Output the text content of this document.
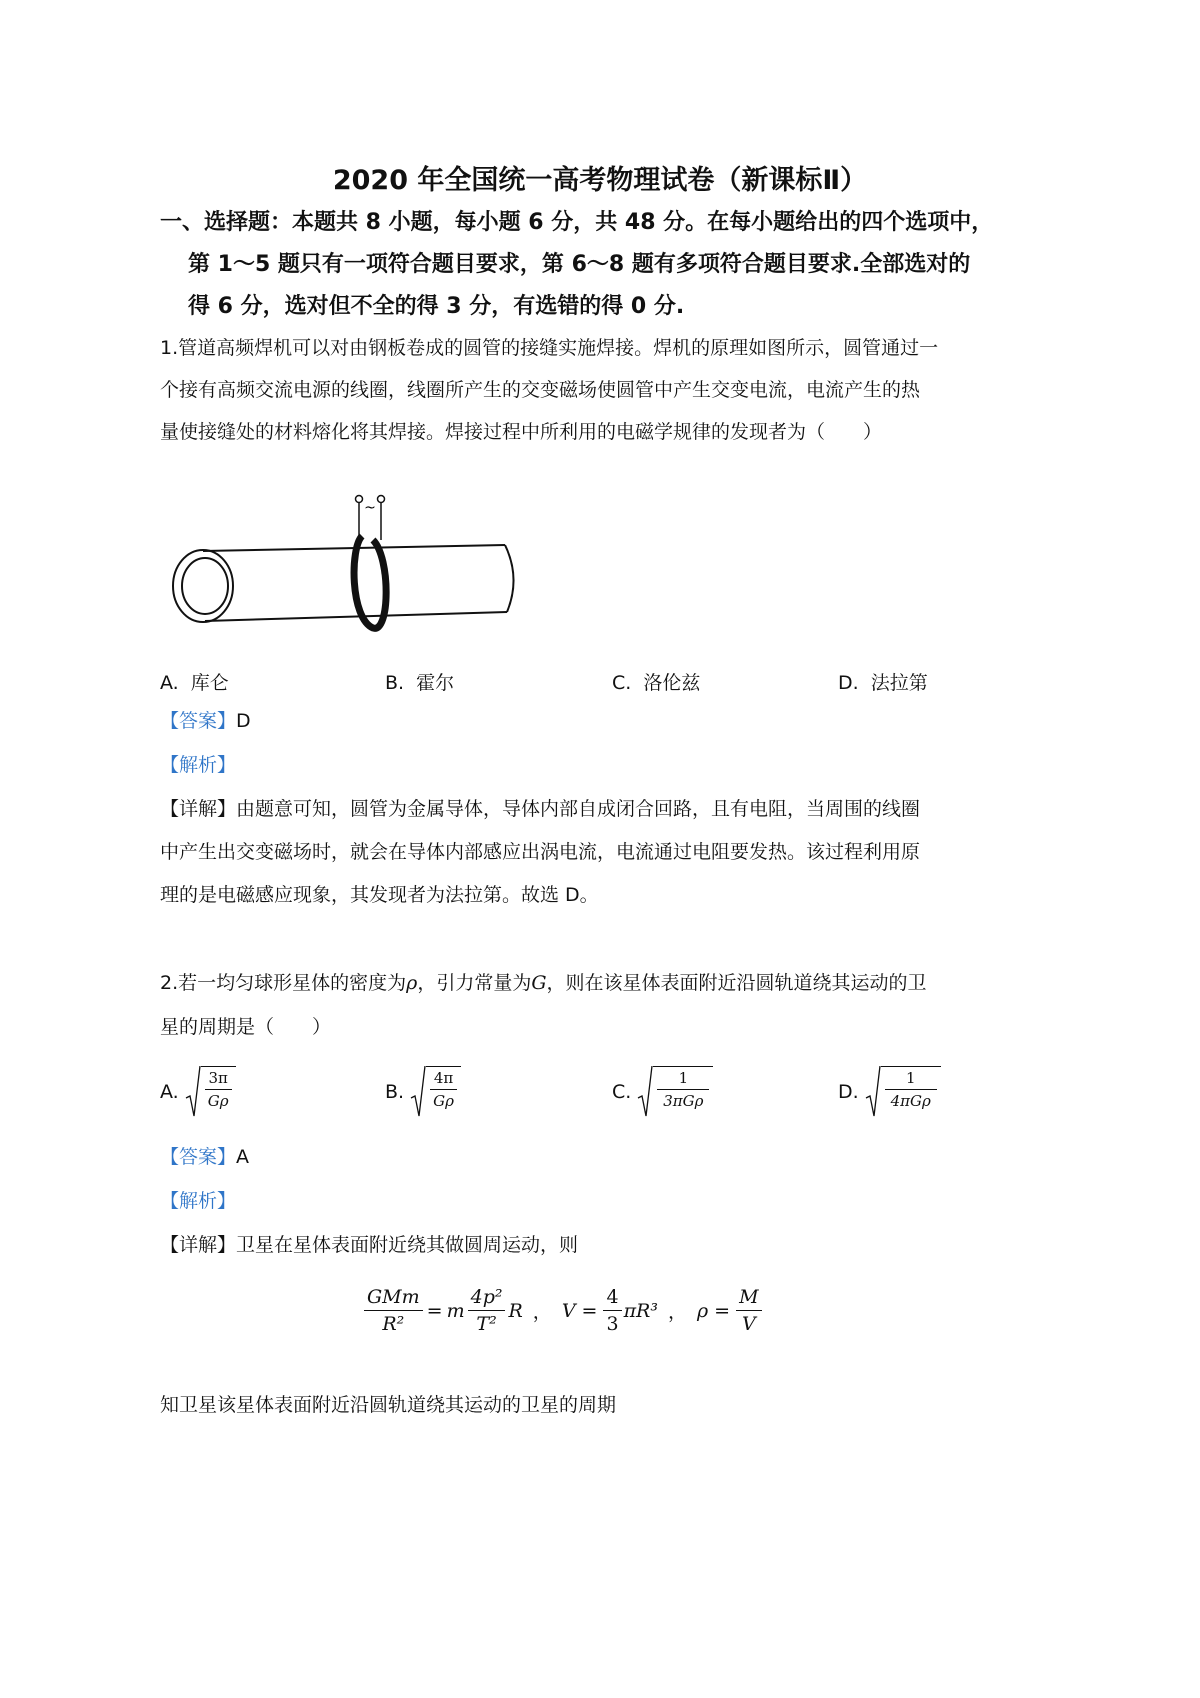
2020 年全国统一高考物理试卷（新课标Ⅱ）
一、选择题：本题共 8 小题，每小题 6 分，共 48 分。在每小题给出的四个选项中，
第 1～5 题只有一项符合题目要求，第 6～8 题有多项符合题目要求.全部选对的
得 6 分，选对但不全的得 3 分，有选错的得 0 分.
1.管道高频焊机可以对由钢板卷成的圆管的接缝实施焊接。焊机的原理如图所示，圆管通过一
个接有高频交流电源的线圈，线圈所产生的交变磁场使圆管中产生交变电流，电流产生的热
量使接缝处的材料熔化将其焊接。焊接过程中所利用的电磁学规律的发现者为（　　）
~
A. 库仑	B. 霍尔	C. 洛伦兹	D. 法拉第
【答案】D
【解析】
【详解】由题意可知，圆管为金属导体，导体内部自成闭合回路，且有电阻，当周围的线圈
中产生出交变磁场时，就会在导体内部感应出涡电流，电流通过电阻要发热。该过程利用原
理的是电磁感应现象，其发现者为法拉第。故选 D。
2.若一均匀球形星体的密度为ρ，引力常量为G，则在该星体表面附近沿圆轨道绕其运动的卫
星的周期是（　　）
A.
$\frac{3\pi}{G\rho}$	B.
$\frac{4\pi}{G\rho}$	C.
$\frac{1}{\text{3πGρ}}$	D.
$\frac{1}{\text{4πGρ}}$
【答案】A
【解析】
【详解】卫星在星体表面附近绕其做圆周运动，则
$\frac{\text{GMm}}{\text{R²}} = m \frac{\text{4p²}}{\text{T²}}$ R ， $V = \frac{4}{3} \pi R^3$ ， $\rho = \frac{M}{V}$
知卫星该星体表面附近沿圆轨道绕其运动的卫星的周期
